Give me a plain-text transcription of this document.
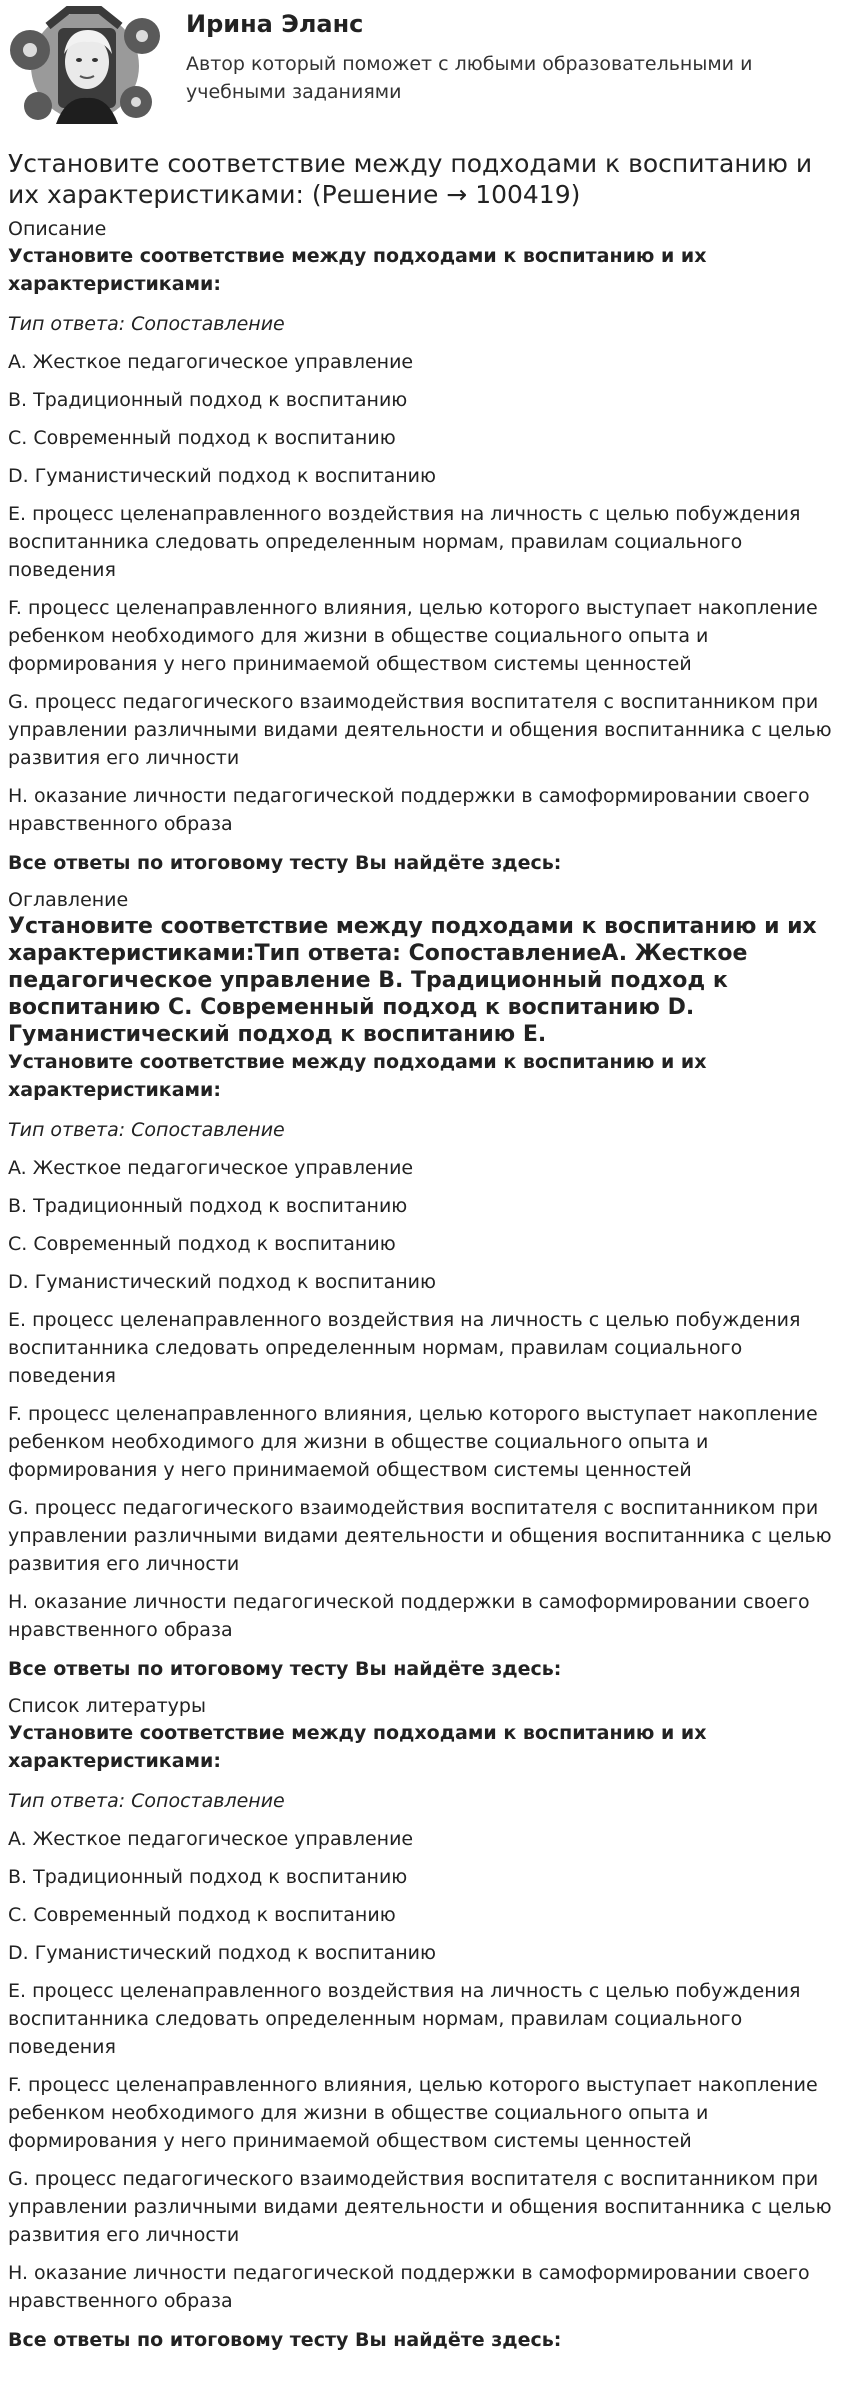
Ирина Эланс
Автор который поможет с любыми образовательными и учебными заданиями
Установите соответствие между подходами к воспитанию и их характеристиками: (Решение → 100419)
Описание
Установите соответствие между подходами к воспитанию и их характеристиками:
Тип ответа: Сопоставление
A. Жесткое педагогическое управление
B. Традиционный подход к воспитанию
C. Современный подход к воспитанию
D. Гуманистический подход к воспитанию
E. процесс целенаправленного воздействия на личность с целью побуждения воспитанника следовать определенным нормам, правилам социального поведения
F. процесс целенаправленного влияния, целью которого выступает накопление ребенком необходимого для жизни в обществе социального опыта и формирования у него принимаемой обществом системы ценностей
G. процесс педагогического взаимодействия воспитателя с воспитанником при управлении различными видами деятельности и общения воспитанника с целью развития его личности
H. оказание личности педагогической поддержки в самоформировании своего нравственного образа
Все ответы по итоговому тесту Вы найдёте здесь:
Оглавление
Установите соответствие между подходами к воспитанию и их характеристиками:Тип ответа: СопоставлениеA. Жесткое педагогическое управление B. Традиционный подход к воспитанию C. Современный подход к воспитанию D. Гуманистический подход к воспитанию E.
Установите соответствие между подходами к воспитанию и их характеристиками:
Тип ответа: Сопоставление
A. Жесткое педагогическое управление
B. Традиционный подход к воспитанию
C. Современный подход к воспитанию
D. Гуманистический подход к воспитанию
E. процесс целенаправленного воздействия на личность с целью побуждения воспитанника следовать определенным нормам, правилам социального поведения
F. процесс целенаправленного влияния, целью которого выступает накопление ребенком необходимого для жизни в обществе социального опыта и формирования у него принимаемой обществом системы ценностей
G. процесс педагогического взаимодействия воспитателя с воспитанником при управлении различными видами деятельности и общения воспитанника с целью развития его личности
H. оказание личности педагогической поддержки в самоформировании своего нравственного образа
Все ответы по итоговому тесту Вы найдёте здесь:
Список литературы
Установите соответствие между подходами к воспитанию и их характеристиками:
Тип ответа: Сопоставление
A. Жесткое педагогическое управление
B. Традиционный подход к воспитанию
C. Современный подход к воспитанию
D. Гуманистический подход к воспитанию
E. процесс целенаправленного воздействия на личность с целью побуждения воспитанника следовать определенным нормам, правилам социального поведения
F. процесс целенаправленного влияния, целью которого выступает накопление ребенком необходимого для жизни в обществе социального опыта и формирования у него принимаемой обществом системы ценностей
G. процесс педагогического взаимодействия воспитателя с воспитанником при управлении различными видами деятельности и общения воспитанника с целью развития его личности
H. оказание личности педагогической поддержки в самоформировании своего нравственного образа
Все ответы по итоговому тесту Вы найдёте здесь:
